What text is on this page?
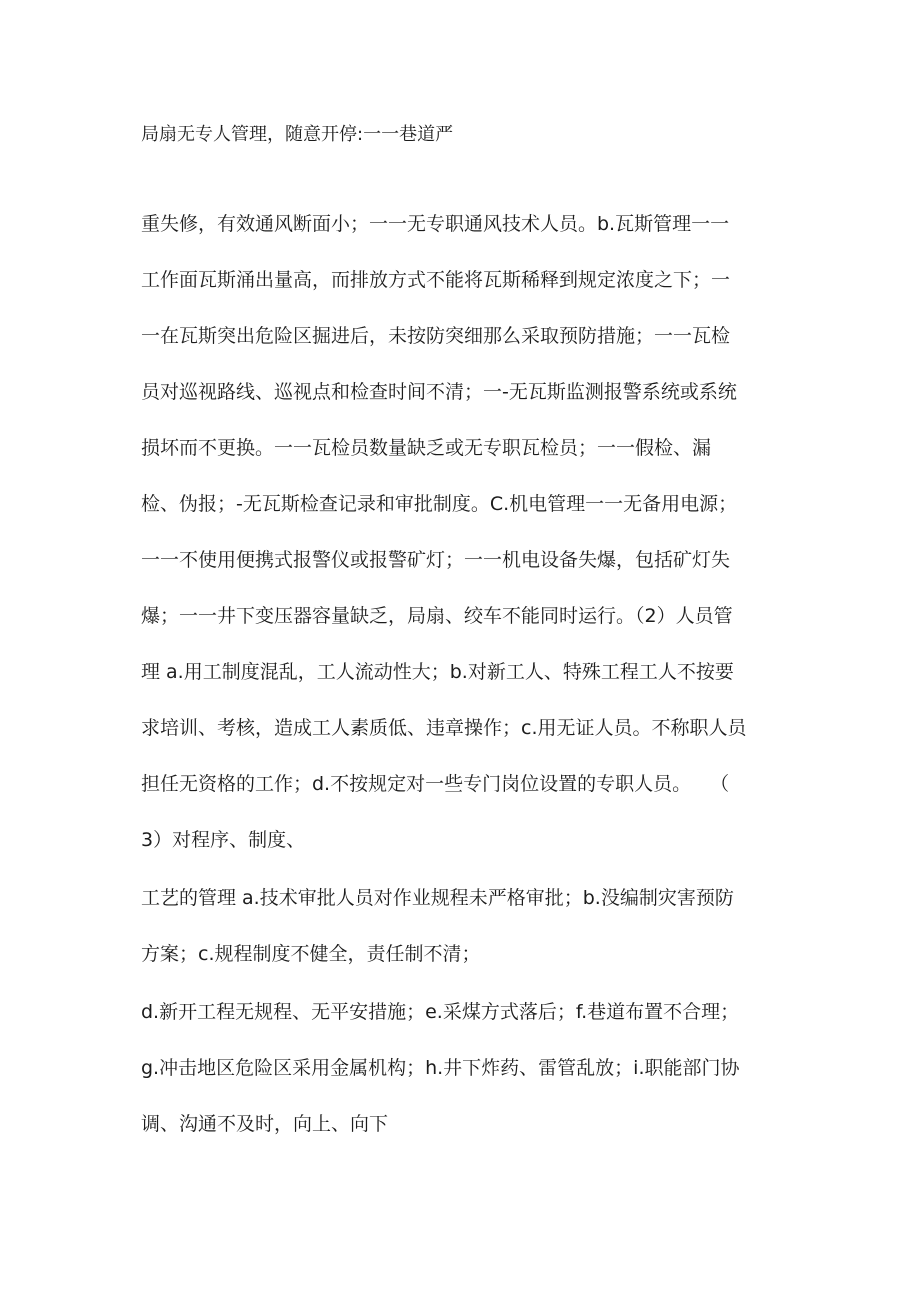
局扇无专人管理，随意开停:一一巷道严
重失修，有效通风断面小；一一无专职通风技术人员。b.瓦斯管理一一
工作面瓦斯涌出量高，而排放方式不能将瓦斯稀释到规定浓度之下；一
一在瓦斯突出危险区掘进后，未按防突细那么采取预防措施；一一瓦检
员对巡视路线、巡视点和检查时间不清；一-无瓦斯监测报警系统或系统
损坏而不更换。一一瓦检员数量缺乏或无专职瓦检员；一一假检、漏
检、伪报；-无瓦斯检查记录和审批制度。C.机电管理一一无备用电源；
一一不使用便携式报警仪或报警矿灯；一一机电设备失爆，包括矿灯失
爆；一一井下变压器容量缺乏，局扇、绞车不能同时运行。（2）人员管
理 a.用工制度混乱，工人流动性大；b.对新工人、特殊工程工人不按要
求培训、考核，造成工人素质低、违章操作；c.用无证人员。不称职人员
担任无资格的工作；d.不按规定对一些专门岗位设置的专职人员。　　（
3）对程序、制度、
工艺的管理 a.技术审批人员对作业规程未严格审批；b.没编制灾害预防
方案；c.规程制度不健全，责任制不清；
d.新开工程无规程、无平安措施；e.采煤方式落后；f.巷道布置不合理；
g.冲击地区危险区采用金属机构；h.井下炸药、雷管乱放；i.职能部门协
调、沟通不及时，向上、向下
